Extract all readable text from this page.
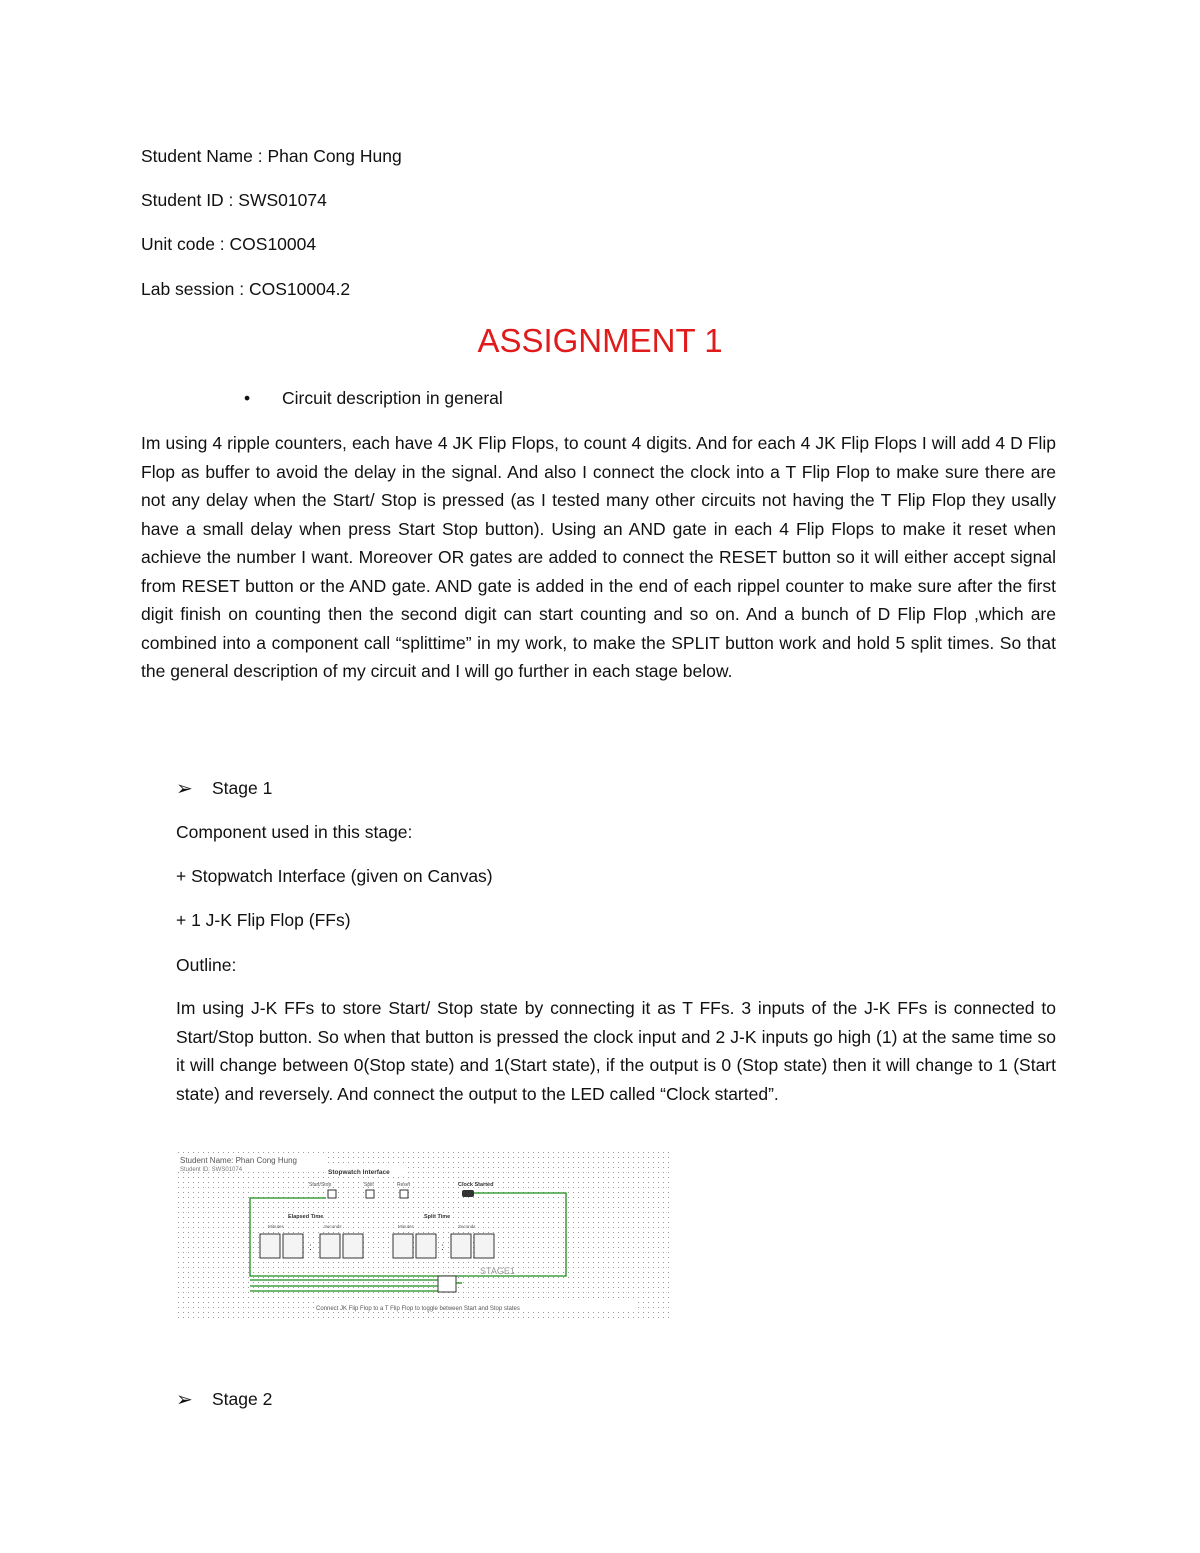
Student Name : Phan Cong Hung
Student ID : SWS01074
Unit code : COS10004
Lab session : COS10004.2
ASSIGNMENT 1
• Circuit description in general
Im using 4 ripple counters, each have 4 JK Flip Flops, to count 4 digits. And for each 4 JK Flip Flops I will add 4 D Flip Flop as buffer to avoid the delay in the signal. And also I connect the clock into a T Flip Flop to make sure there are not any delay when the Start/ Stop is pressed (as I tested many other circuits not having the T Flip Flop they usally have a small delay when press Start Stop button). Using an AND gate in each 4 Flip Flops to make it reset when achieve the number I want. Moreover OR gates are added to connect the RESET button so it will either accept signal from RESET button or the AND gate. AND gate is added in the end of each rippel counter to make sure after the first digit finish on counting then the second digit can start counting and so on. And a bunch of D Flip Flop ,which are combined into a component call “splittime” in my work, to make the SPLIT button work and hold 5 split times. So that the general description of my circuit and I will go further in each stage below.
➢ Stage 1
Component used in this stage:
+ Stopwatch Interface (given on Canvas)
+ 1 J-K Flip Flop (FFs)
Outline:
Im using J-K FFs to store Start/ Stop state by connecting it as T FFs. 3 inputs of the J-K FFs is connected to Start/Stop button. So when that button is pressed the clock input and 2 J-K inputs go high (1) at the same time so it will change between 0(Stop state) and 1(Start state), if the output is 0 (Stop state) then it will change to 1 (Start state) and reversely. And connect the output to the LED called “Clock started”.
Student Name: Phan Cong Hung
Student ID: SWS01074	Stopwatch Interface
Start/Stop	Split	Reset	Clock Started
Elapsed Time	Split Time
Minutes	Seconds	Minutes	Seconds
:	:
STAGE1
Connect JK Flip Flop to a T Flip Flop to toggle between Start and Stop states
➢ Stage 2
